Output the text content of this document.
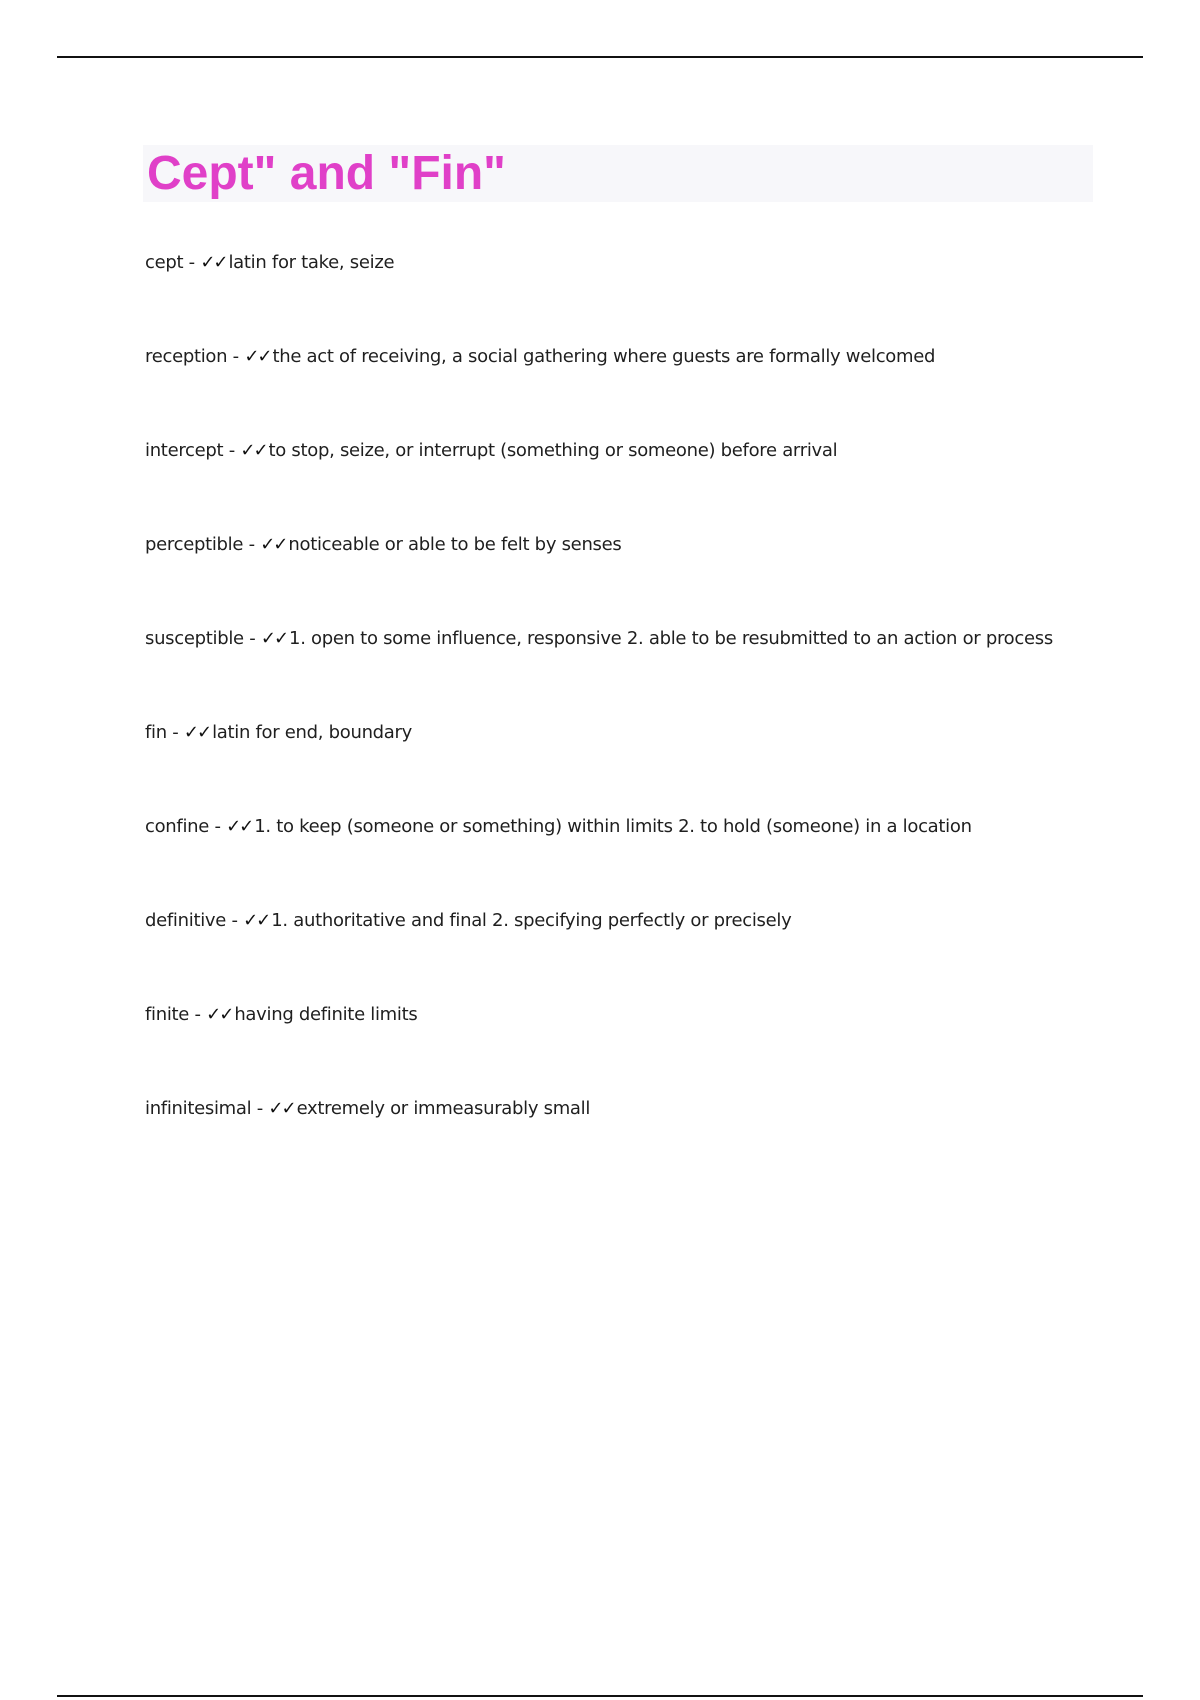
Cept" and "Fin"
cept - ✓✓ latin for take, seize
reception - ✓✓ the act of receiving, a social gathering where guests are formally welcomed
intercept - ✓✓ to stop, seize, or interrupt (something or someone) before arrival
perceptible - ✓✓ noticeable or able to be felt by senses
susceptible - ✓✓ 1. open to some influence, responsive 2. able to be resubmitted to an action or process
fin - ✓✓ latin for end, boundary
confine - ✓✓ 1. to keep (someone or something) within limits 2. to hold (someone) in a location
definitive - ✓✓ 1. authoritative and final 2. specifying perfectly or precisely
finite - ✓✓ having definite limits
infinitesimal - ✓✓ extremely or immeasurably small
